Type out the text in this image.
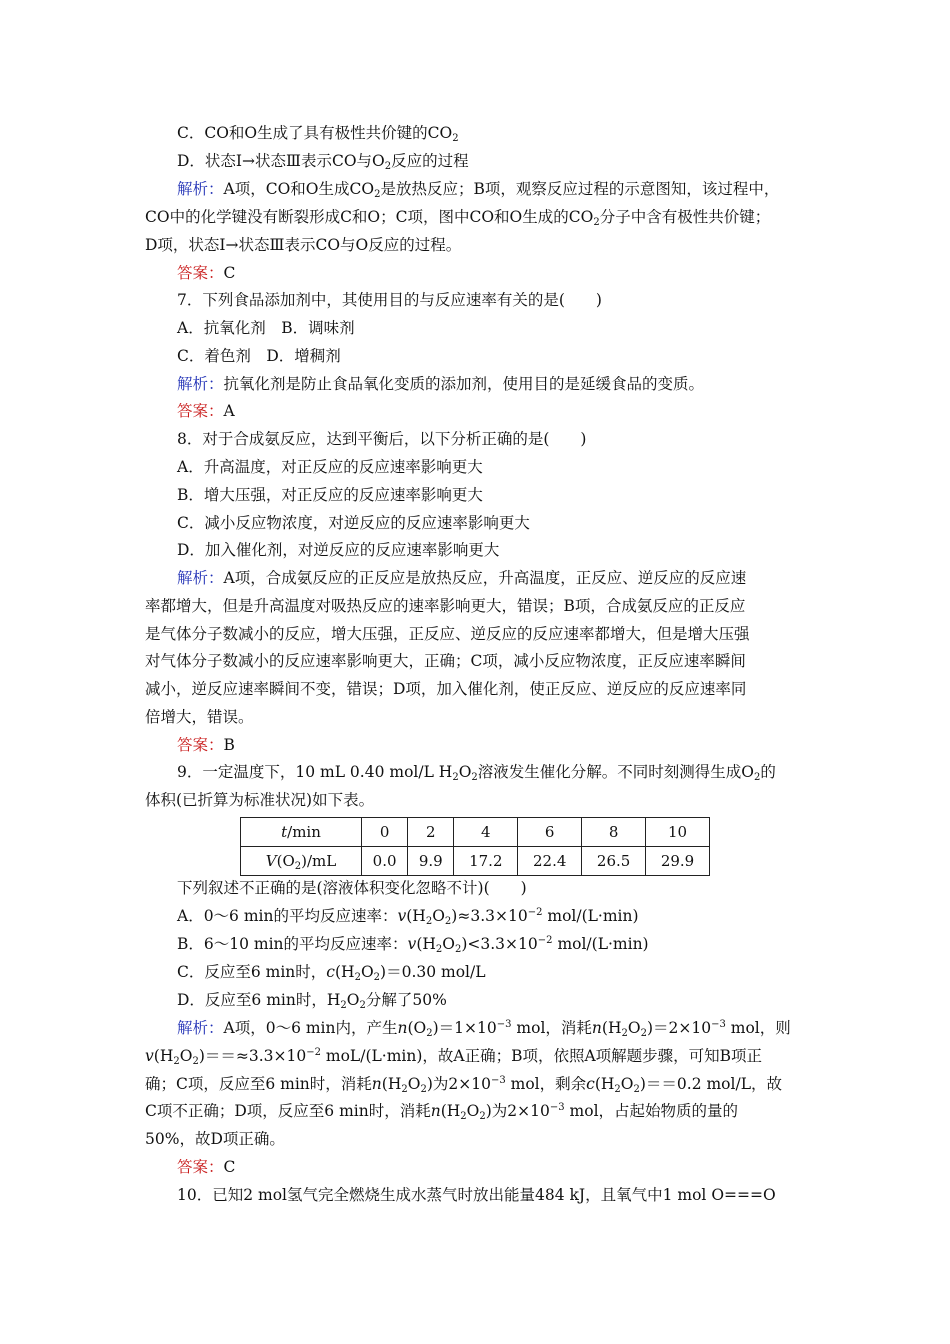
C．CO和O生成了具有极性共价键的$CO_2$
D．状态Ⅰ→状态Ⅲ表示CO与$O_2$反应的过程
解析：A项，CO和O生成$CO_2$是放热反应；B项，观察反应过程的示意图知，该过程中，
CO中的化学键没有断裂形成C和O；C项，图中CO和O生成的$CO_2$分子中含有极性共价键；
D项，状态Ⅰ→状态Ⅲ表示CO与O反应的过程。
答案：C
7．下列食品添加剂中，其使用目的与反应速率有关的是(　　)
A．抗氧化剂　B．调味剂
C．着色剂　D．增稠剂
解析：抗氧化剂是防止食品氧化变质的添加剂，使用目的是延缓食品的变质。
答案：A
8．对于合成氨反应，达到平衡后，以下分析正确的是(　　)
A．升高温度，对正反应的反应速率影响更大
B．增大压强，对正反应的反应速率影响更大
C．减小反应物浓度，对逆反应的反应速率影响更大
D．加入催化剂，对逆反应的反应速率影响更大
解析：A项，合成氨反应的正反应是放热反应，升高温度，正反应、逆反应的反应速
率都增大，但是升高温度对吸热反应的速率影响更大，错误；B项，合成氨反应的正反应
是气体分子数减小的反应，增大压强，正反应、逆反应的反应速率都增大，但是增大压强
对气体分子数减小的反应速率影响更大，正确；C项，减小反应物浓度，正反应速率瞬间
减小，逆反应速率瞬间不变，错误；D项，加入催化剂，使正反应、逆反应的反应速率同
倍增大，错误。
答案：B
9．一定温度下，10 mL 0.40 mol/L $H_2O_2$溶液发生催化分解。不同时刻测得生成$O_2$的
体积(已折算为标准状况)如下表。
t/min	0	2	4	6	8	10
$V(O_2)/mL$	0.0	9.9	17.2	22.4	26.5	29.9
下列叙述不正确的是(溶液体积变化忽略不计)(　　)
A．0～6 min的平均反应速率：$v(H_2O_2)\approx 3.3\times 10^{-2}$ mol/(L·min)
B．6～10 min的平均反应速率：$v(H_2O_2)<3.3\times 10^{-2}$ mol/(L·min)
C．反应至6 min时，$c(H_2O_2)=0.30$ mol/L
D．反应至6 min时，$H_2O_2$分解了50%
解析：A项，0～6 min内，产生$n(O_2)=1\times 10^{-3}$ mol，消耗$n(H_2O_2)=2\times 10^{-3}$ mol，则
$v(H_2O_2)==\approx 3.3\times 10^{-2}$ moL/(L·min)，故A正确；B项，依照A项解题步骤，可知B项正
确；C项，反应至6 min时，消耗$n(H_2O_2)$为$2\times 10^{-3}$ mol，剩余$c(H_2O_2)==0.2$ mol/L，故
C项不正确；D项，反应至6 min时，消耗$n(H_2O_2)$为$2\times 10^{-3}$ mol，占起始物质的量的
50%，故D项正确。
答案：C
10．已知2 mol氢气完全燃烧生成水蒸气时放出能量484 kJ，且氧气中1 mol O===O
